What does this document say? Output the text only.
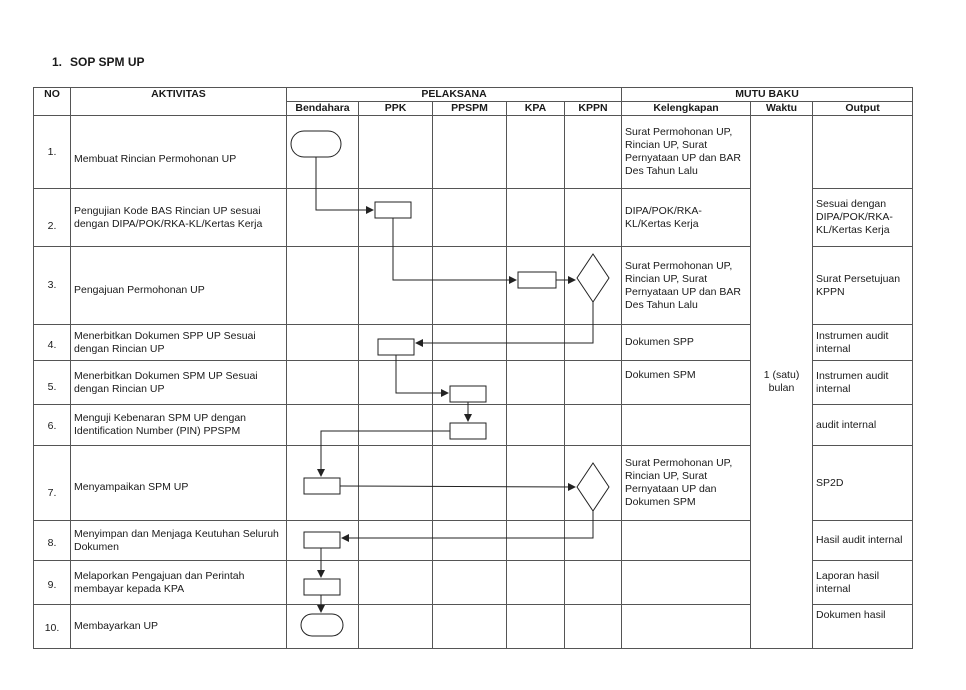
1. SOP SPM UP
NO	AKTIVITAS	PELAKSANA					MUTU BAKU		
		Bendahara	PPK	PPSPM	KPA	KPPN	Kelengkapan	Waktu	Output
1.	Membuat Rincian Permohonan UP						Surat Permohonan UP, Rincian UP, Surat Pernyataan UP dan BAR Des Tahun Lalu	1 (satu) bulan	
2.	Pengujian Kode BAS Rincian UP sesuai dengan DIPA/POK/RKA-KL/Kertas Kerja						DIPA/POK/RKA-KL/Kertas Kerja		Sesuai dengan DIPA/POK/RKA-KL/Kertas Kerja
3.	Pengajuan Permohonan UP						Surat Permohonan UP, Rincian UP, Surat Pernyataan UP dan BAR Des Tahun Lalu		Surat Persetujuan KPPN
4.	Menerbitkan Dokumen SPP UP Sesuai dengan Rincian UP						Dokumen SPP		Instrumen audit internal
5.	Menerbitkan Dokumen SPM UP Sesuai dengan Rincian UP						Dokumen SPM		Instrumen audit internal
6.	Menguji Kebenaran SPM UP dengan Identification Number (PIN) PPSPM								audit internal
7.	Menyampaikan SPM UP						Surat Permohonan UP, Rincian UP, Surat Pernyataan UP dan Dokumen SPM		SP2D
8.	Menyimpan dan Menjaga Keutuhan Seluruh Dokumen								Hasil audit internal
9.	Melaporkan Pengajuan dan Perintah membayar kepada KPA								Laporan hasil internal
10.	Membayarkan UP								Dokumen hasil
